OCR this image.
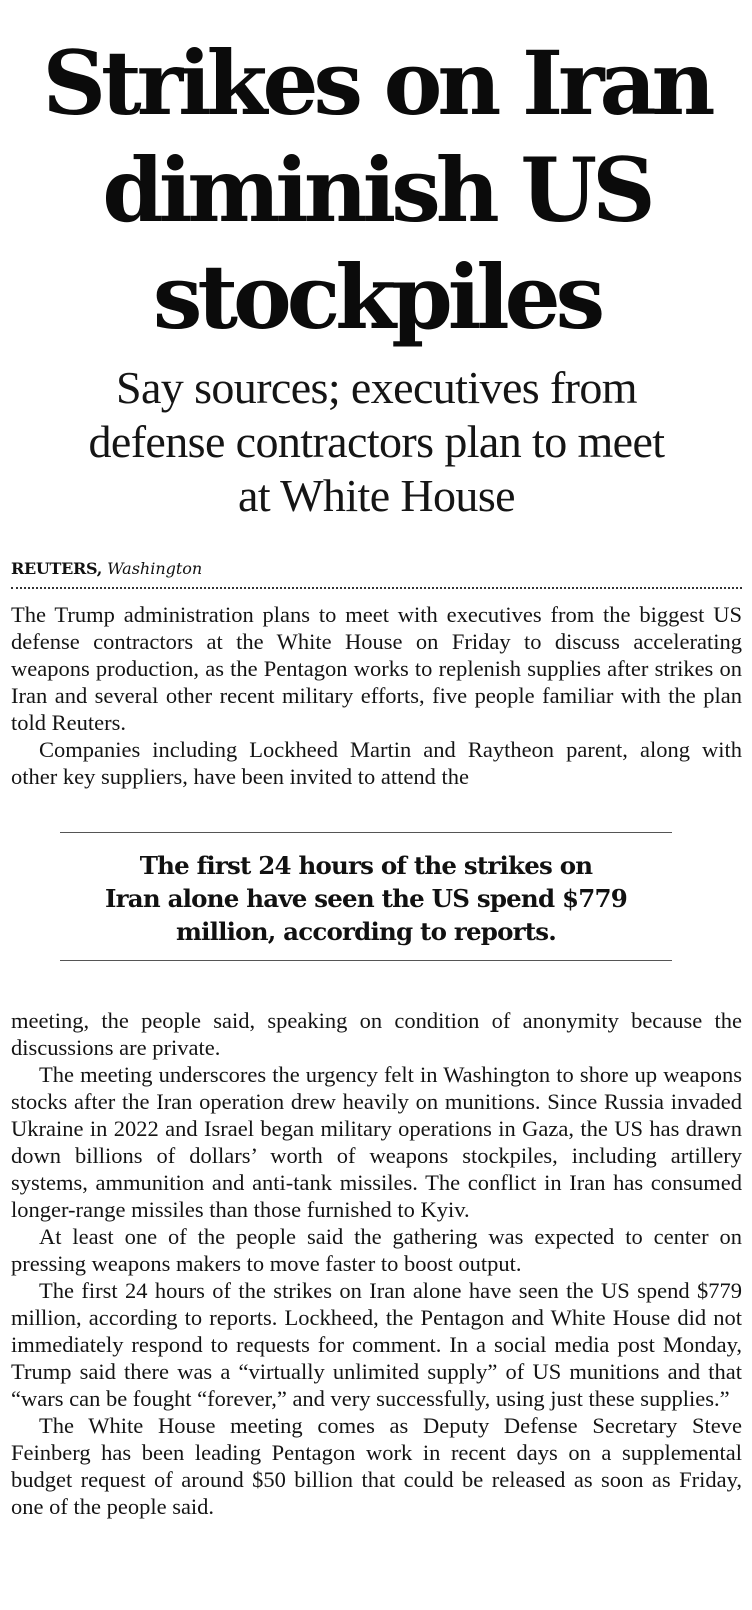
Strikes on Iran
diminish US
stockpiles
Say sources; executives from
defense contractors plan to meet
at White House
REUTERS, Washington

The Trump administration plans to meet with executives from the biggest US defense contractors at the White House on Friday to discuss accelerating weapons production, as the Pentagon works to replenish supplies after strikes on Iran and several other recent military efforts, five people familiar with the plan told Reuters.

Companies including Lockheed Martin and Raytheon parent, along with other key suppliers, have been invited to attend the

The first 24 hours of the strikes on
Iran alone have seen the US spend $779
million, according to reports.

meeting, the people said, speaking on condition of anonymity because the discussions are private.

The meeting underscores the urgency felt in Washington to shore up weapons stocks after the Iran operation drew heavily on munitions. Since Russia invaded Ukraine in 2022 and Israel began military operations in Gaza, the US has drawn down billions of dollars’ worth of weapons stockpiles, including artillery systems, ammunition and anti-tank missiles. The conflict in Iran has consumed longer-range missiles than those furnished to Kyiv.

At least one of the people said the gathering was expected to center on pressing weapons makers to move faster to boost output.

The first 24 hours of the strikes on Iran alone have seen the US spend $779 million, according to reports. Lockheed, the Pentagon and White House did not immediately respond to requests for comment. In a social media post Monday, Trump said there was a “virtually unlimited supply” of US munitions and that “wars can be fought “forever,” and very successfully, using just these supplies.”

The White House meeting comes as Deputy Defense Secretary Steve Feinberg has been leading Pentagon work in recent days on a supplemental budget request of around $50 billion that could be released as soon as Friday, one of the people said.
